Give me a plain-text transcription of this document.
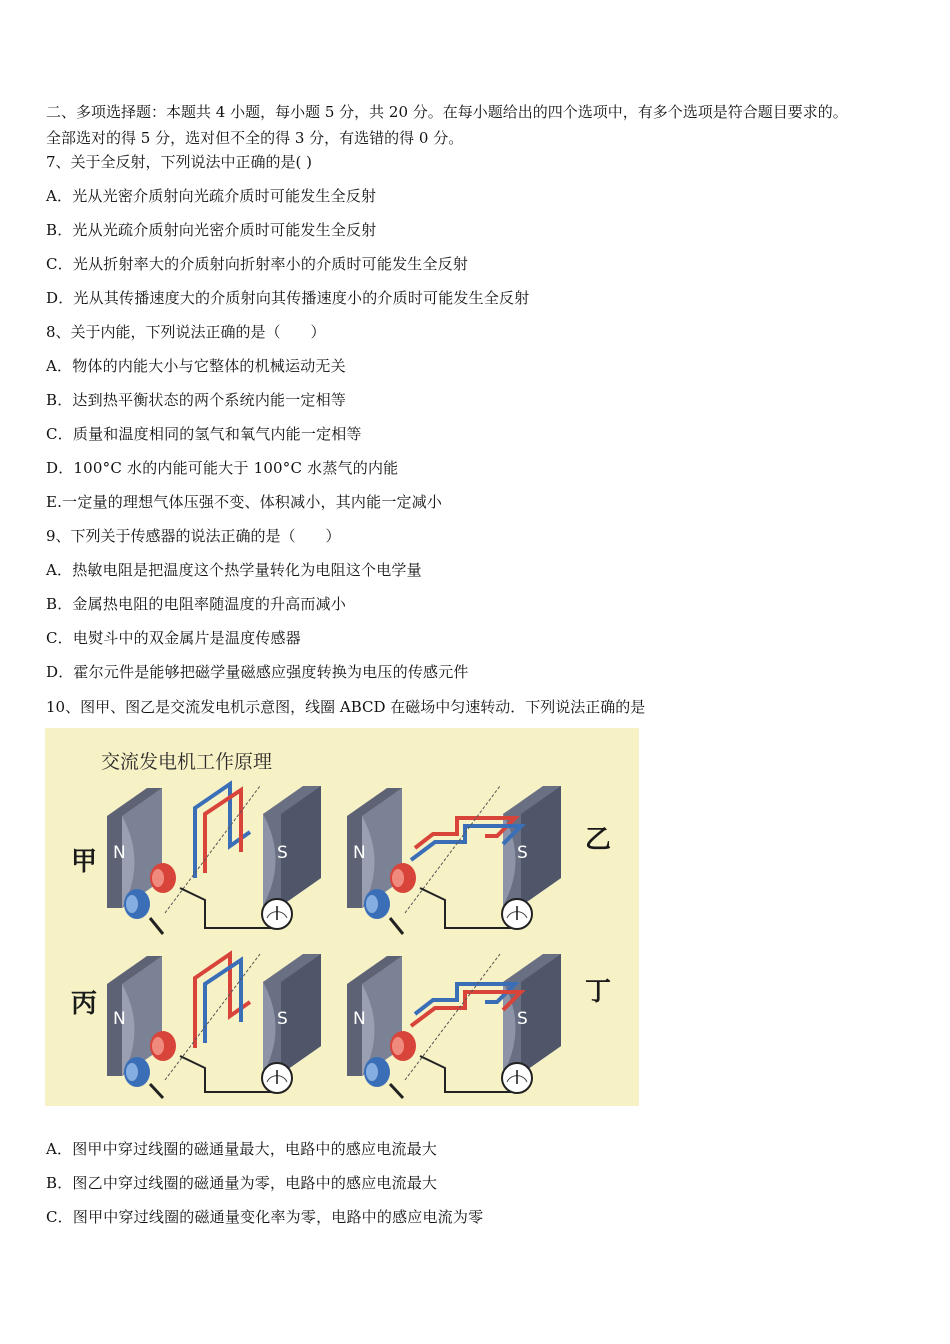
二、多项选择题：本题共 4 小题，每小题 5 分，共 20 分。在每小题给出的四个选项中，有多个选项是符合题目要求的。
全部选对的得 5 分，选对但不全的得 3 分，有选错的得 0 分。
7、关于全反射，下列说法中正确的是( )
A．光从光密介质射向光疏介质时可能发生全反射
B．光从光疏介质射向光密介质时可能发生全反射
C．光从折射率大的介质射向折射率小的介质时可能发生全反射
D．光从其传播速度大的介质射向其传播速度小的介质时可能发生全反射
8、关于内能，下列说法正确的是（　　）
A．物体的内能大小与它整体的机械运动无关
B．达到热平衡状态的两个系统内能一定相等
C．质量和温度相同的氢气和氧气内能一定相等
D．100°C 水的内能可能大于 100°C 水蒸气的内能
E.一定量的理想气体压强不变、体积减小，其内能一定减小
9、下列关于传感器的说法正确的是（　　）
A．热敏电阻是把温度这个热学量转化为电阻这个电学量
B．金属热电阻的电阻率随温度的升高而减小
C．电熨斗中的双金属片是温度传感器
D．霍尔元件是能够把磁学量磁感应强度转换为电压的传感元件
10、图甲、图乙是交流发电机示意图，线圈 ABCD 在磁场中匀速转动．下列说法正确的是
交流发电机工作原理
N	S
甲	N	S 乙
N	S
丙	N	S
丁
A．图甲中穿过线圈的磁通量最大，电路中的感应电流最大
B．图乙中穿过线圈的磁通量为零，电路中的感应电流最大
C．图甲中穿过线圈的磁通量变化率为零，电路中的感应电流为零
